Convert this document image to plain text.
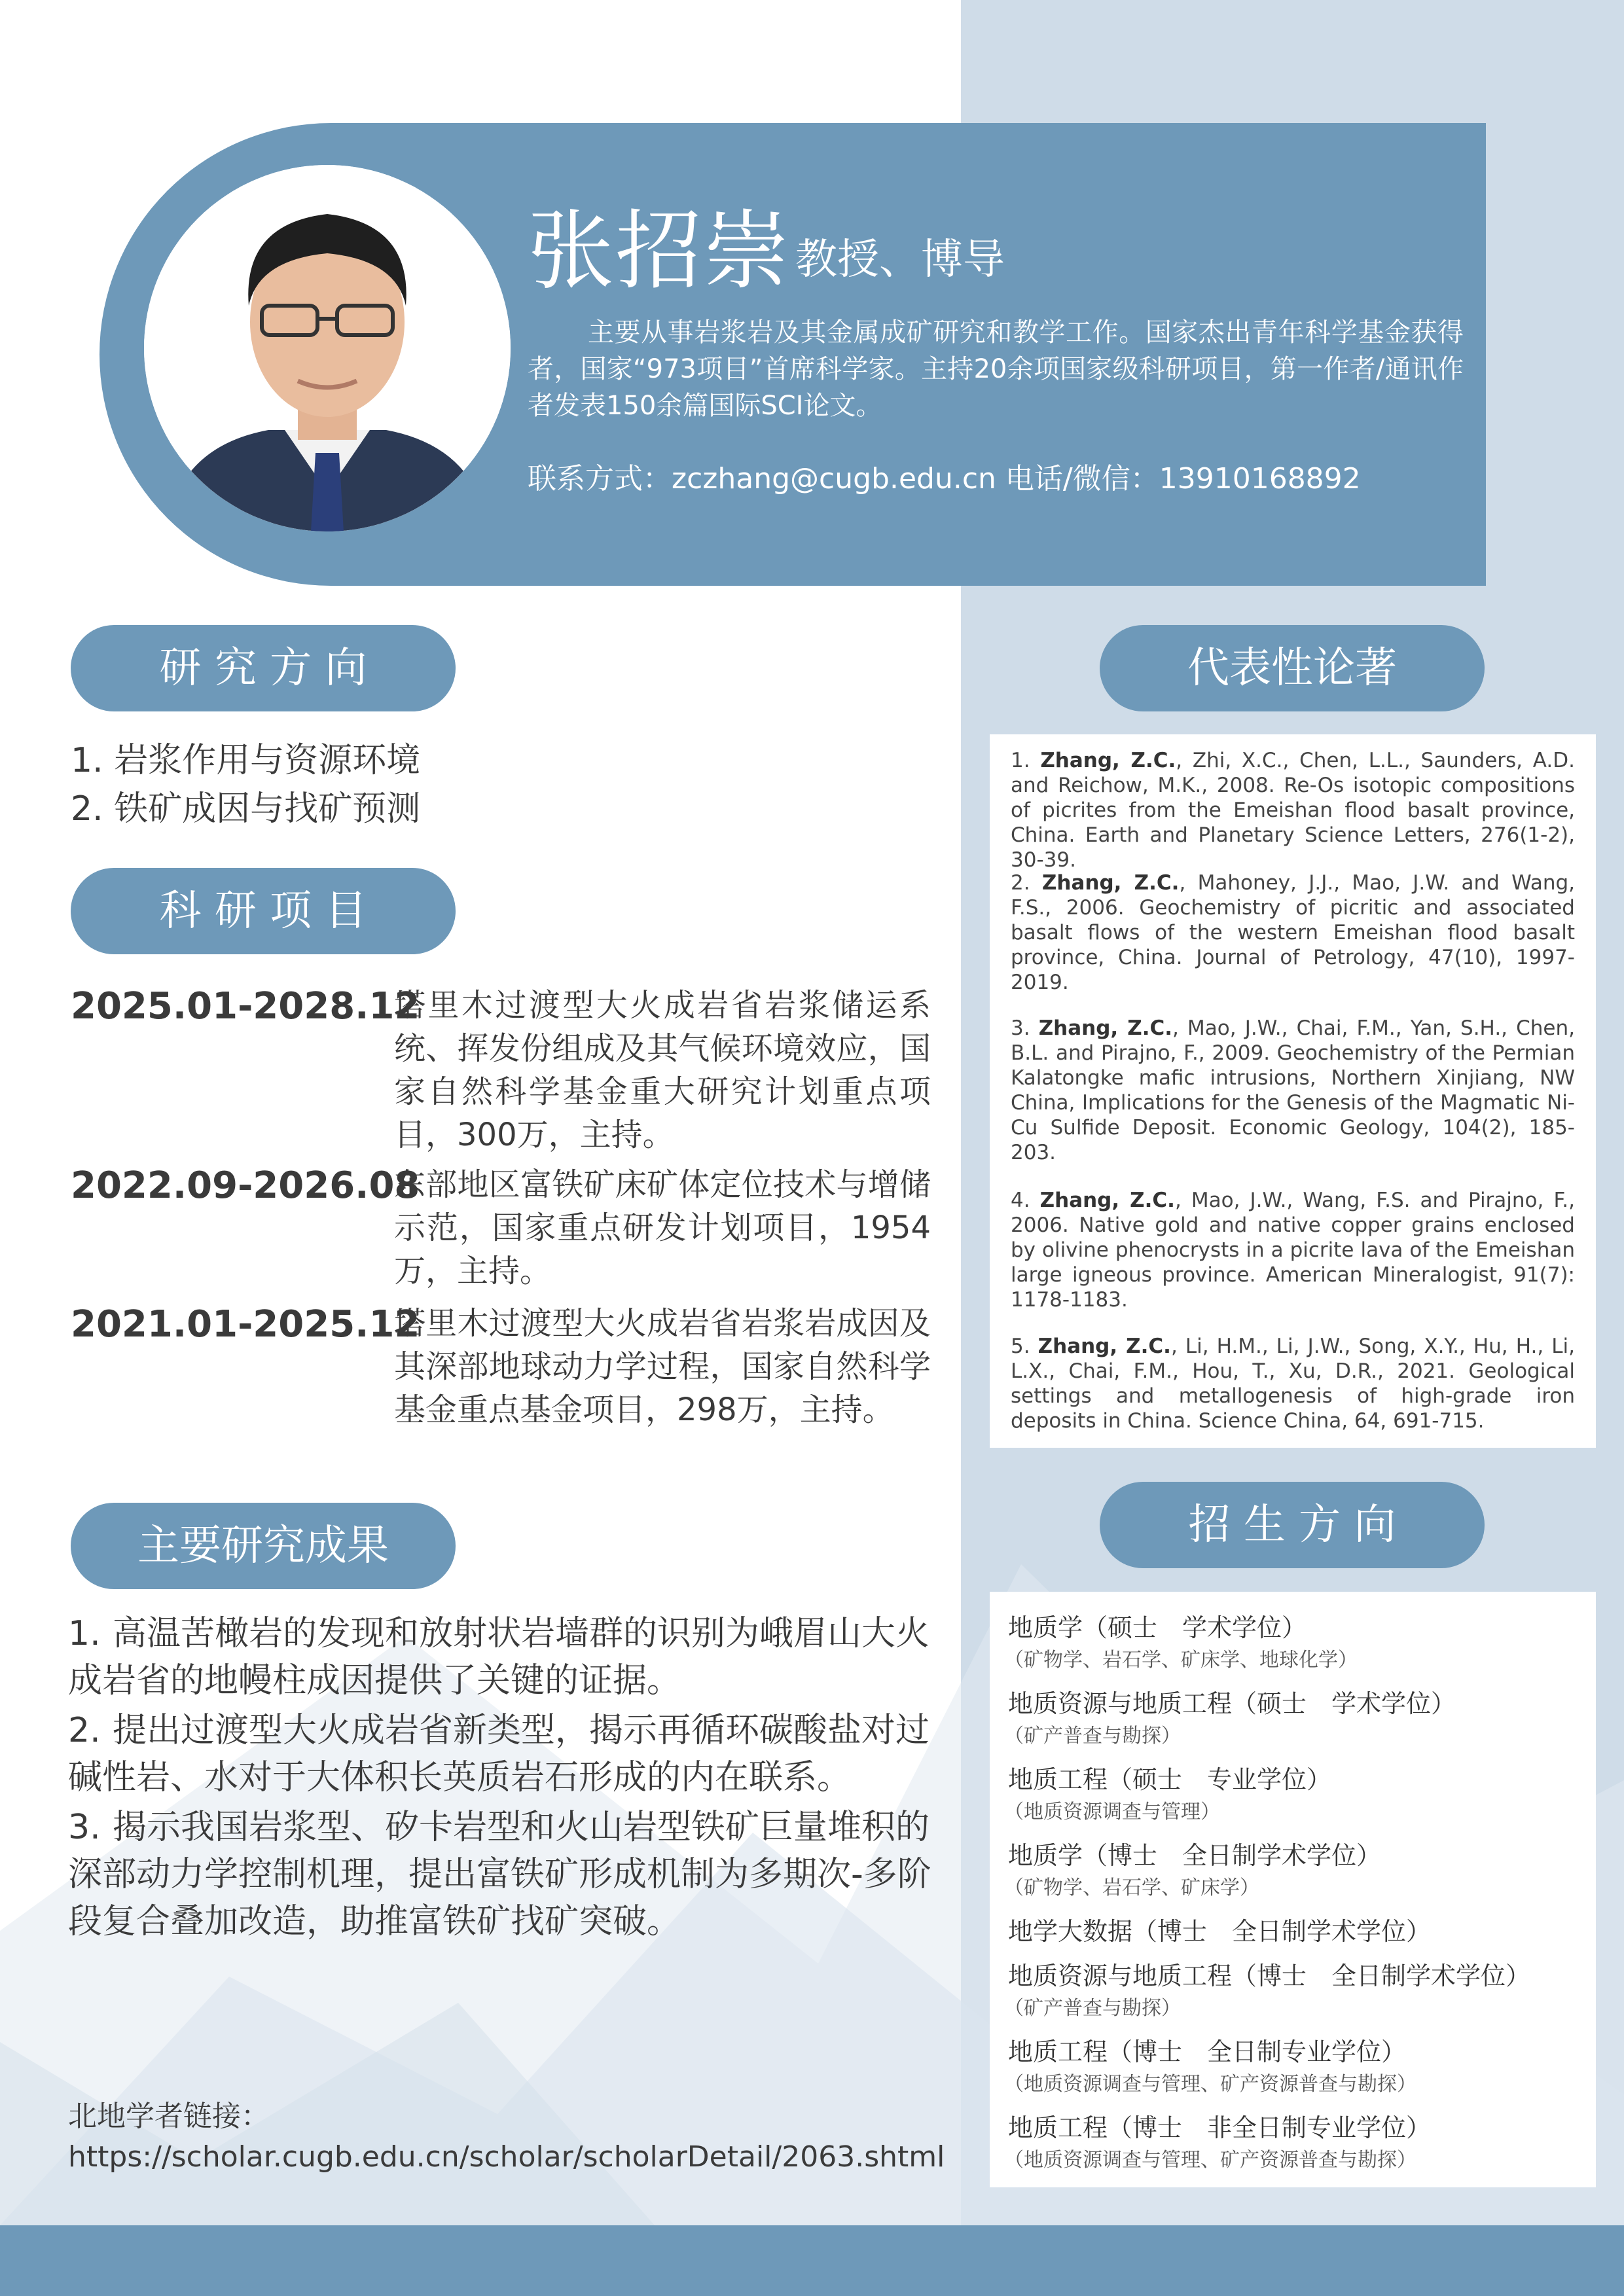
张招崇 教授、博导

主要从事岩浆岩及其金属成矿研究和教学工作。国家杰出青年科学基金获得者，国家“973项目”首席科学家。主持20余项国家级科研项目，第一作者/通讯作者发表150余篇国际SCI论文。

联系方式：zczhang@cugb.edu.cn 电话/微信：13910168892
研 究 方 向
1. 岩浆作用与资源环境
2. 铁矿成因与找矿预测
科 研 项 目
2025.01-2028.12

塔里木过渡型大火成岩省岩浆储运系统、挥发份组成及其气候环境效应，国家自然科学基金重大研究计划重点项目，300万，主持。

2022.09-2026.08

东部地区富铁矿床矿体定位技术与增储示范，国家重点研发计划项目，1954万，主持。

2021.01-2025.12

塔里木过渡型大火成岩省岩浆岩成因及其深部地球动力学过程，国家自然科学基金重点基金项目，298万，主持。

主要研究成果

1. 高温苦橄岩的发现和放射状岩墙群的识别为峨眉山大火成岩省的地幔柱成因提供了关键的证据。

2. 提出过渡型大火成岩省新类型，揭示再循环碳酸盐对过碱性岩、水对于大体积长英质岩石形成的内在联系。

3. 揭示我国岩浆型、矽卡岩型和火山岩型铁矿巨量堆积的深部动力学控制机理，提出富铁矿形成机制为多期次-多阶段复合叠加改造，助推富铁矿找矿突破。

北地学者链接：
https://scholar.cugb.edu.cn/scholar/scholarDetail/2063.shtml
代表性论著

1. Zhang, Z.C., Zhi, X.C., Chen, L.L., Saunders, A.D. and Reichow, M.K., 2008. Re-Os isotopic compositions of picrites from the Emeishan flood basalt province, China. Earth and Planetary Science Letters, 276(1-2), 30-39.

2. Zhang, Z.C., Mahoney, J.J., Mao, J.W. and Wang, F.S., 2006. Geochemistry of picritic and associated basalt flows of the western Emeishan flood basalt province, China. Journal of Petrology, 47(10), 1997-2019.

3. Zhang, Z.C., Mao, J.W., Chai, F.M., Yan, S.H., Chen, B.L. and Pirajno, F., 2009. Geochemistry of the Permian Kalatongke mafic intrusions, Northern Xinjiang, NW China, Implications for the Genesis of the Magmatic Ni-Cu Sulfide Deposit. Economic Geology, 104(2), 185-203.

4. Zhang, Z.C., Mao, J.W., Wang, F.S. and Pirajno, F., 2006. Native gold and native copper grains enclosed by olivine phenocrysts in a picrite lava of the Emeishan large igneous province. American Mineralogist, 91(7): 1178-1183.

5. Zhang, Z.C., Li, H.M., Li, J.W., Song, X.Y., Hu, H., Li, L.X., Chai, F.M., Hou, T., Xu, D.R., 2021. Geological settings and metallogenesis of high-grade iron deposits in China. Science China, 64, 691-715.

招 生 方 向
地质学（硕士　学术学位）
（矿物学、岩石学、矿床学、地球化学）
地质资源与地质工程（硕士　学术学位）
（矿产普查与勘探）
地质工程（硕士　专业学位）
（地质资源调查与管理）
地质学（博士　全日制学术学位）
（矿物学、岩石学、矿床学）
地学大数据（博士　全日制学术学位）
地质资源与地质工程（博士　全日制学术学位）
（矿产普查与勘探）
地质工程（博士　全日制专业学位）
（地质资源调查与管理、矿产资源普查与勘探）
地质工程（博士　非全日制专业学位）
（地质资源调查与管理、矿产资源普查与勘探）
